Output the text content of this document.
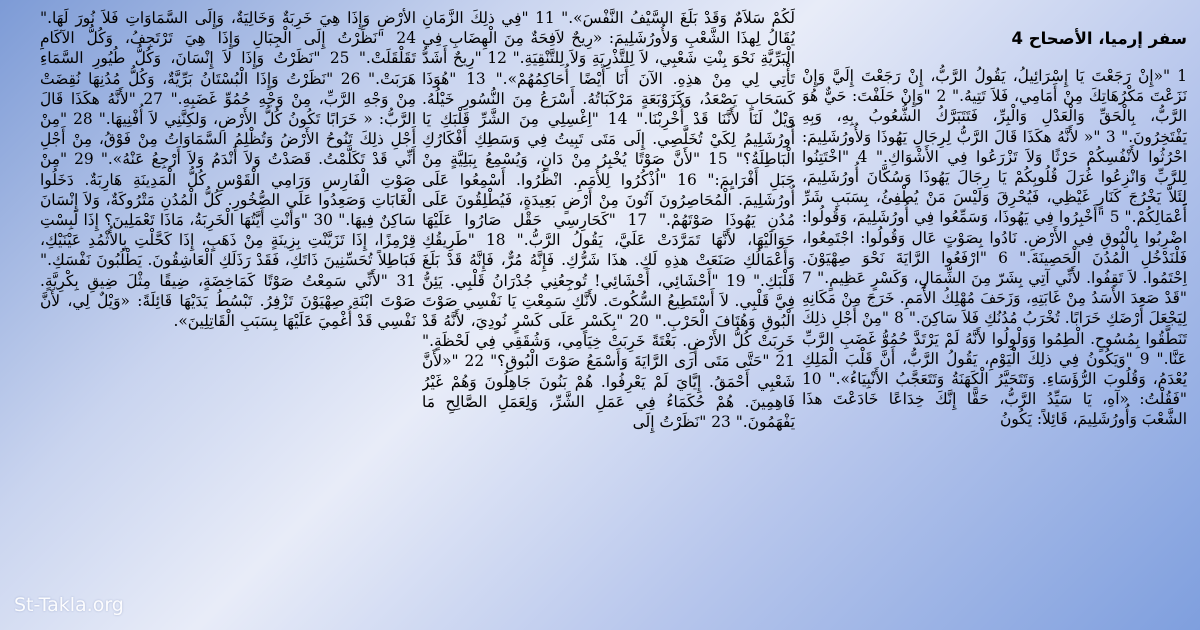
سفر إرميا، الأصحاح 4
1 "«إِنْ رَجَعْتَ يَا إِسْرَائِيلُ، يَقُولُ الرَّبُّ، إِنْ رَجَعْتَ إِلَيَّ وَإِنْ نَزَعْتَ مَكْرُهَاتِكَ مِنْ أَمَامِي، فَلاَ تَتِيهُ." 2 "وَإِنْ حَلَفْتَ: حَيٌّ هُوَ الرَّبُّ، بِالْحَقِّ وَالْعَدْلِ وَالْبِرِّ، فَتَتَبَرَّكُ الشُّعُوبُ بِهِ، وَبِهِ يَفْتَخِرُونَ." 3 "« لأَنَّهُ هكَذَا قَالَ الرَّبُّ لِرِجَالِ يَهُوذَا وَلأُورُشَلِيمَ: احْرُثُوا لأَنْفُسِكُمْ حَرْثًا وَلاَ تَزْرَعُوا فِي الأَشْوَاكِ." 4 "اخْتَتِنُوا لِلرَّبِّ وَانْزِعُوا غُرَلَ قُلُوبِكُمْ يَا رِجَالَ يَهُوذَا وَسُكَّانَ أُورُشَلِيمَ، لِئَلاَّ يَخْرُجَ كَنَارٍ غَيْظِي، فَيُحْرِقَ وَلَيْسَ مَنْ يُطْفِئُ، بِسَبَبِ شَرِّ أَعْمَالِكُمْ." 5 "أَخْبِرُوا فِي يَهُوذَا، وَسَمِّعُوا فِي أُورُشَلِيمَ، وَقُولُوا: اضْرِبُوا بِالْبُوقِ فِي الأَرْضِ. نَادُوا بِصَوْتٍ عَال وَقُولُوا: اجْتَمِعُوا، فَلْنَدْخُلِ الْمُدُنَ الْحَصِينَةَ." 6 "ارْفَعُوا الرَّايَةَ نَحْوَ صِهْيَوْنَ. اِحْتَمُوا. لاَ تَقِفُوا. لأَنِّي آتِي بِشَرّ مِنَ الشِّمَالِ، وَكَسْرٍ عَظِيمٍ." 7 "قَدْ صَعِدَ الأَسَدُ مِنْ غَابَتِهِ، وَزَحَفَ مُهْلِكُ الأُمَمِ. خَرَجَ مِنْ مَكَانِهِ لِيَجْعَلَ أَرْضَكِ خَرَابًا. تُخْرَبُ مُدُنُكِ فَلاَ سَاكِنَ." 8 "مِنْ أَجْلِ ذلِكَ تَنَطَّقُوا بِمُسُوحٍ. الْطِمُوا وَوَلْوِلُوا لأَنَّهُ لَمْ يَرْتَدَّ حُمُوُّ غَضَبِ الرَّبِّ عَنَّا." 9 "وَيَكُونُ فِي ذلِكَ الْيَوْمِ، يَقُولُ الرَّبُّ، أَنَّ قَلْبَ الْمَلِكِ يُعْدَمُ، وَقُلُوبَ الرُّؤَسَاءِ. وَتَتَحَيَّرُ الْكَهَنَةُ وَتَتَعَجَّبُ الأَنْبِيَاءُ»." 10 "فَقُلْتُ: «آهِ، يَا سَيِّدُ الرَّبُّ، حَقًّا إِنَّكَ خِدَاعًا خَادَعْتَ هذَا الشَّعْبَ وَأُورُشَلِيمَ، قَائِلاً: يَكُونُ
لَكُمْ سَلاَمٌ وَقَدْ بَلَغَ السَّيْفُ النَّفْسَ»." 11 "فِي ذلِكَ الزَّمَانِ يُقَالُ لِهذَا الشَّعْبِ وَلأُورُشَلِيمَ: «رِيحٌ لاَفِحَةٌ مِنَ الْهِضَابِ فِي الْبَرِّيَّةِ نَحْوَ بِنْتِ شَعْبِي، لاَ لِلتَّذْرِيَةِ وَلاَ لِلتَّنْقِيَةِ." 12 "رِيحٌ أَشَدُّ تَأْتِي لِي مِنْ هذِهِ. الآنَ أَنَا أَيْضًا أُحَاكِمُهُمْ»." 13 "هُوَذَا كَسَحَابٍ يَصْعَدُ، وَكَزَوْبَعَةٍ مَرْكَبَاتُهُ. أَسْرَعُ مِنَ النُّسُورِ خَيْلُهُ. وَيْلٌ لَنَا لأَنَّنَا قَدْ أُخْرِبْنَا." 14 "اِغْسِلِي مِنَ الشَّرِّ قَلْبَكِ يَا أُورُشَلِيمُ لِكَيْ تُخَلَّصِي. إِلَى مَتَى تَبِيتُ فِي وَسَطِكِ أَفْكَارُكِ الْبَاطِلَةُ؟" 15 "لأَنَّ صَوْتًا يُخْبِرُ مِنْ دَانٍ، وَيُسْمِعُ بِبَلِيَّةٍ مِنْ جَبَلِ أَفْرَايِمَ:" 16 "اُذْكُرُوا لِلأُمَمِ. انْظُرُوا. أَسْمِعُوا عَلَى أُورُشَلِيمَ. الْمُحَاصِرُونَ آتُونَ مِنْ أَرْضٍ بَعِيدَةٍ، فَيُطْلِقُونَ عَلَى مُدُنِ يَهُوذَا صَوْتَهُمْ." 17 "كَحَارِسِي حَقْل صَارُوا عَلَيْهَا حَوَالَيْهَا، لأَنَّهَا تَمَرَّدَتْ عَلَيَّ، يَقُولُ الرَّبُّ." 18 "طَرِيقُكِ وَأَعْمَالُكِ صَنَعَتْ هذِهِ لَكِ. هذَا شَرُّكِ. فَإِنَّهُ مُرٌّ، فَإِنَّهُ قَدْ بَلَغَ قَلْبَكِ." 19 "أَحْشَائِي، أَحْشَائِي! تُوجِعُنِي جُدْرَانُ قَلْبِي. يَئِنُّ فِيَّ قَلْبِي. لاَ أَسْتَطِيعُ السُّكُوتَ. لأَنَّكِ سَمِعْتِ يَا نَفْسِي صَوْتَ الْبُوقِ وَهُتَافَ الْحَرْبِ." 20 "بِكَسْرٍ عَلَى كَسْرٍ نُودِيَ، لأَنَّهُ قَدْ خَرِبَتْ كُلُّ الأَرْضِ. بَغْتَةً خَرِبَتْ خِيَامِي، وَشُقَقِي فِي لَحْظَةٍ." 21 "حَتَّى مَتَى أَرَى الرَّايَةَ وَأَسْمَعُ صَوْتَ الْبُوقِ؟" 22 "«لأَنَّ شَعْبِي أَحْمَقُ. إِيَّايَ لَمْ يَعْرِفُوا. هُمْ بَنُونَ جَاهِلُونَ وَهُمْ غَيْرُ فَاهِمِينَ. هُمْ حُكَمَاءُ فِي عَمَلِ الشَّرِّ، وَلِعَمَلِ الصَّالِحِ مَا يَفْهَمُونَ." 23 "نَظَرْتُ إِلَى
الأَرْضِ وَإِذَا هِيَ خَرِبَةٌ وَخَالِيَةٌ، وَإِلَى السَّمَاوَاتِ فَلاَ نُورَ لَهَا." 24 "نَظَرْتُ إِلَى الْجِبَالِ وَإِذَا هِيَ تَرْتَجِفُ، وَكُلُّ الآكَامِ تَقَلْقَلَتْ." 25 "نَظَرْتُ وَإِذَا لاَ إِنْسَانَ، وَكُلُّ طُيُورِ السَّمَاءِ هَرَبَتْ." 26 "نَظَرْتُ وَإِذَا الْبُسْتَانُ بَرِّيَّةٌ، وَكُلُّ مُدُنِهَا نُقِضَتْ مِنْ وَجْهِ الرَّبِّ، مِنْ وَجْهِ حُمُوِّ غَضَبِهِ." 27 "لأَنَّهُ هكَذَا قَالَ الرَّبُّ: « خَرَابًا تَكُونُ كُلُّ الأَرْضِ، وَلكِنَّنِي لاَ أُفْنِيهَا." 28 "مِنْ أَجْلِ ذلِكَ تَنُوحُ الأَرْضُ وَتُظْلِمُ السَّمَاوَاتُ مِنْ فَوْقُ، مِنْ أَجْلِ أَنِّي قَدْ تَكَلَّمْتُ. قَصَدْتُ وَلاَ أَنْدَمُ وَلاَ أَرْجِعُ عَنْهُ»." 29 "مِنْ صَوْتِ الْفَارِسِ وَرَامِي الْقَوْسِ كُلُّ الْمَدِينَةِ هَارِبَةٌ. دَخَلُوا الْغَابَاتِ وَصَعِدُوا عَلَى الصُّخُورِ. كُلُّ الْمُدُنِ مَتْرُوكَةٌ، وَلاَ إِنْسَانَ سَاكِنٌ فِيهَا." 30 "وَأَنْتِ أَيَّتُهَا الْخَرِبَةُ، مَاذَا تَعْمَلِينَ؟ إِذَا لَبِسْتِ قِرْمِزًا، إِذَا تَزَيَّنْتِ بِزِينَةٍ مِنْ ذَهَبٍ، إِذَا كَحَّلْتِ بِالأُثْمُدِ عَيْنَيْكِ، فَبَاطِلاً تُحَسِّنِينَ ذَاتَكِ، فَقَدْ رَذَلَكِ الْعَاشِقُونَ. يَطْلُبُونَ نَفْسَكِ." 31 "لأَنِّي سَمِعْتُ صَوْتًا كَمَاخِضَةٍ، ضِيقًا مِثْلَ ضِيقِ بِكْرِيَّةٍ. صَوْتَ ابْنَةِ صِهْيَوْنَ تَزْفِرُ. تَبْسُطُ يَدَيْهَا قَائِلَةً: «وَيْلٌ لِي، لأَنَّ نَفْسِي قَدْ أُغْمِيَ عَلَيْهَا بِسَبَبِ الْقَاتِلِينَ».
St-Takla.org
